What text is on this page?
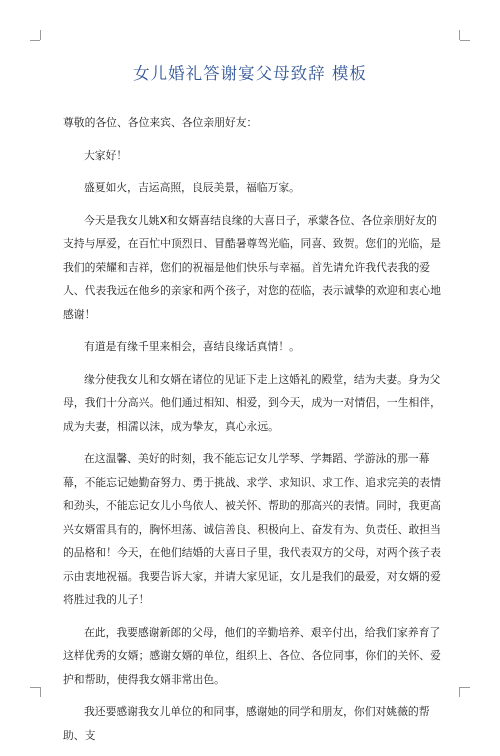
女儿婚礼答谢宴父母致辞 模板

尊敬的各位、各位来宾、各位亲朋好友：

大家好！

盛夏如火，吉运高照，良辰美景，福临万家。

今天是我女儿姚X和女婿喜结良缘的大喜日子，承蒙各位、各位亲朋好友的支持与厚爱，在百忙中顶烈日、冒酷暑尊驾光临，同喜、致贺。您们的光临，是我们的荣耀和吉祥，您们的祝福是他们快乐与幸福。首先请允许我代表我的爱人、代表我远在他乡的亲家和两个孩子，对您的莅临，表示诚挚的欢迎和衷心地感谢！

有道是有缘千里来相会，喜结良缘话真情！。

缘分使我女儿和女婿在诸位的见证下走上这婚礼的殿堂，结为夫妻。身为父母，我们十分高兴。他们通过相知、相爱，到今天，成为一对情侣，一生相伴，成为夫妻，相濡以沫，成为挚友，真心永远。

在这温馨、美好的时刻，我不能忘记女儿学琴、学舞蹈、学游泳的那一幕幕，不能忘记她勤奋努力、勇于挑战、求学、求知识、求工作、追求完美的表情和劲头，不能忘记女儿小鸟依人、被关怀、帮助的那高兴的表情。同时，我更高兴女婿雷具有的，胸怀坦荡、诚信善良、积极向上、奋发有为、负责任、敢担当的品格和！今天，在他们结婚的大喜日子里，我代表双方的父母，对两个孩子表示由衷地祝福。我要告诉大家，并请大家见证，女儿是我们的最爱，对女婿的爱将胜过我的儿子！

在此，我要感谢新郎的父母，他们的辛勤培养、艰辛付出，给我们家养育了这样优秀的女婿；感谢女婿的单位，组织上、各位、各位同事，你们的关怀、爱护和帮助，使得我女婿非常出色。

我还要感谢我女儿单位的和同事，感谢她的同学和朋友，你们对姚薇的帮助、支
